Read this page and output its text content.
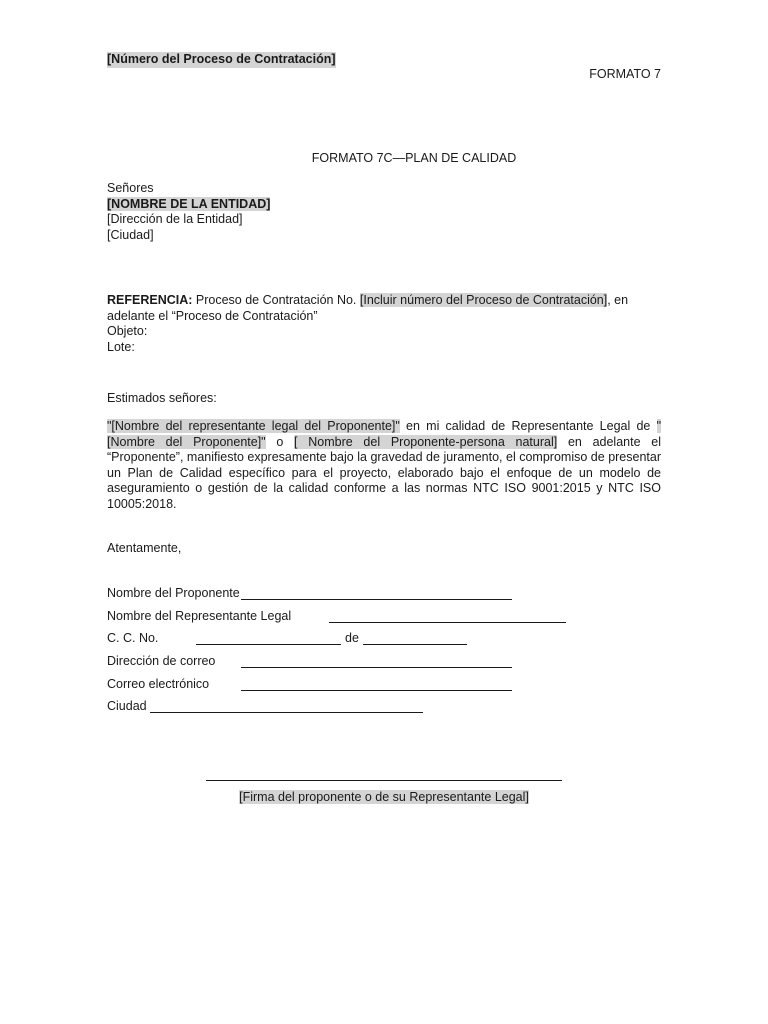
[Número del Proceso de Contratación]
FORMATO 7
FORMATO 7C—PLAN DE CALIDAD
Señores
[NOMBRE DE LA ENTIDAD]
[Dirección de la Entidad]
[Ciudad]
REFERENCIA: Proceso de Contratación No. [Incluir número del Proceso de Contratación], en
adelante el “Proceso de Contratación”
Objeto:
Lote:
Estimados señores:
"[Nombre del representante legal del Proponente]" en mi calidad de Representante Legal de "[Nombre del Proponente]" o [ Nombre del Proponente-persona natural] en adelante el “Proponente”, manifiesto expresamente bajo la gravedad de juramento, el compromiso de presentar un Plan de Calidad específico para el proyecto, elaborado bajo el enfoque de un modelo de aseguramiento o gestión de la calidad conforme a las normas NTC ISO 9001:2015 y NTC ISO 10005:2018.
Atentamente,
Nombre del Proponente
Nombre del Representante Legal
C. C. No.	de
Dirección de correo
Correo electrónico
Ciudad
[Firma del proponente o de su Representante Legal]
